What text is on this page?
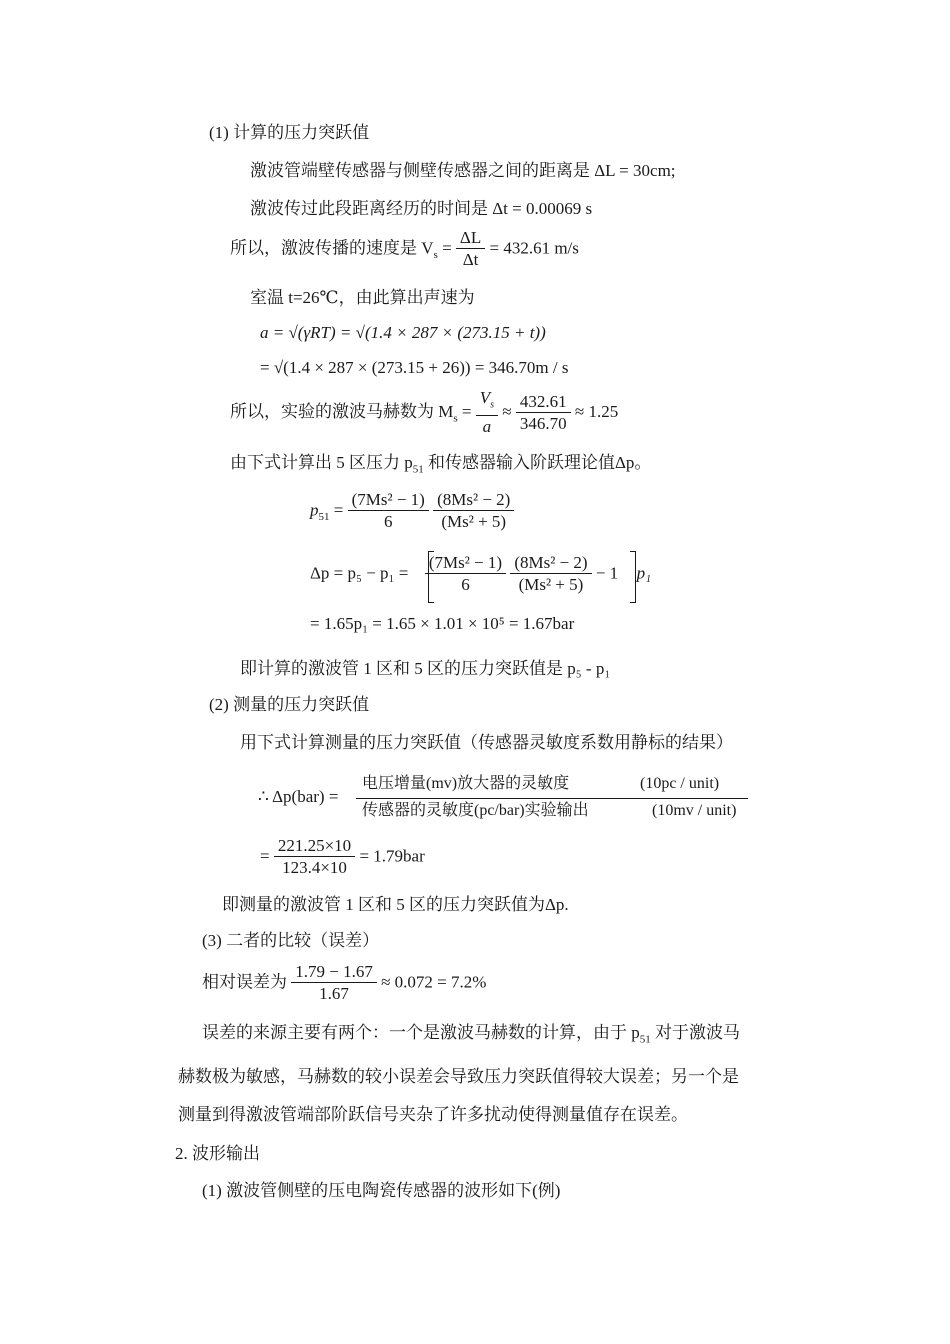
(1) 计算的压力突跃值
激波管端壁传感器与侧壁传感器之间的距离是 ΔL = 30cm;
激波传过此段距离经历的时间是 Δt = 0.00069 s
所以，激波传播的速度是 $V_s = \frac{\Delta L}{\Delta t} = 432.61$ m/s
室温 t=26℃，由此算出声速为
a = √(γRT) = √(1.4 × 287 × (273.15 + t))
= √(1.4 × 287 × (273.15 + 26)) = 346.70m / s
所以，实验的激波马赫数为 $M_s = \frac{V_s}{a} \approx \frac{432.61}{346.70} \approx 1.25$
由下式计算出 5 区压力 $p_{51}$ 和传感器输入阶跃理论值Δp。
$p_{51} = \frac{\text{(7Ms² − 1)}}{6}$
$\frac{\text{(8Ms² − 2)}}{\text{(Ms² + 5)}}$
$\Delta p = p_5 - p_1 = \frac{\text{(7Ms² − 1)}}{6}$
$\frac{\text{(8Ms² − 2)}}{\text{(Ms² + 5)}} - 1$ p₁
= 1.65p₁ = 1.65 × 1.01 × 10⁵ = 1.67bar
即计算的激波管 1 区和 5 区的压力突跃值是 p₅ - p₁
(2) 测量的压力突跃值
用下式计算测量的压力突跃值（传感器灵敏度系数用静标的结果）
∴ Δp(bar) =
电压增量(mv)放大器的灵敏度	(10pc / unit)
传感器的灵敏度(pc/bar)实验输出	(10mv / unit)
= $\frac{221.25\times 10}{123.4\times 10} = 1.79bar$
即测量的激波管 1 区和 5 区的压力突跃值为Δp.
(3) 二者的比较（误差）
相对误差为 $\frac{1.79 - 1.67}{1.67} \approx 0.072 = 7.2\%$
误差的来源主要有两个：一个是激波马赫数的计算，由于 $p_{51}$ 对于激波马
赫数极为敏感，马赫数的较小误差会导致压力突跃值得较大误差；另一个是
测量到得激波管端部阶跃信号夹杂了许多扰动使得测量值存在误差。
2. 波形输出
(1) 激波管侧壁的压电陶瓷传感器的波形如下(例)
